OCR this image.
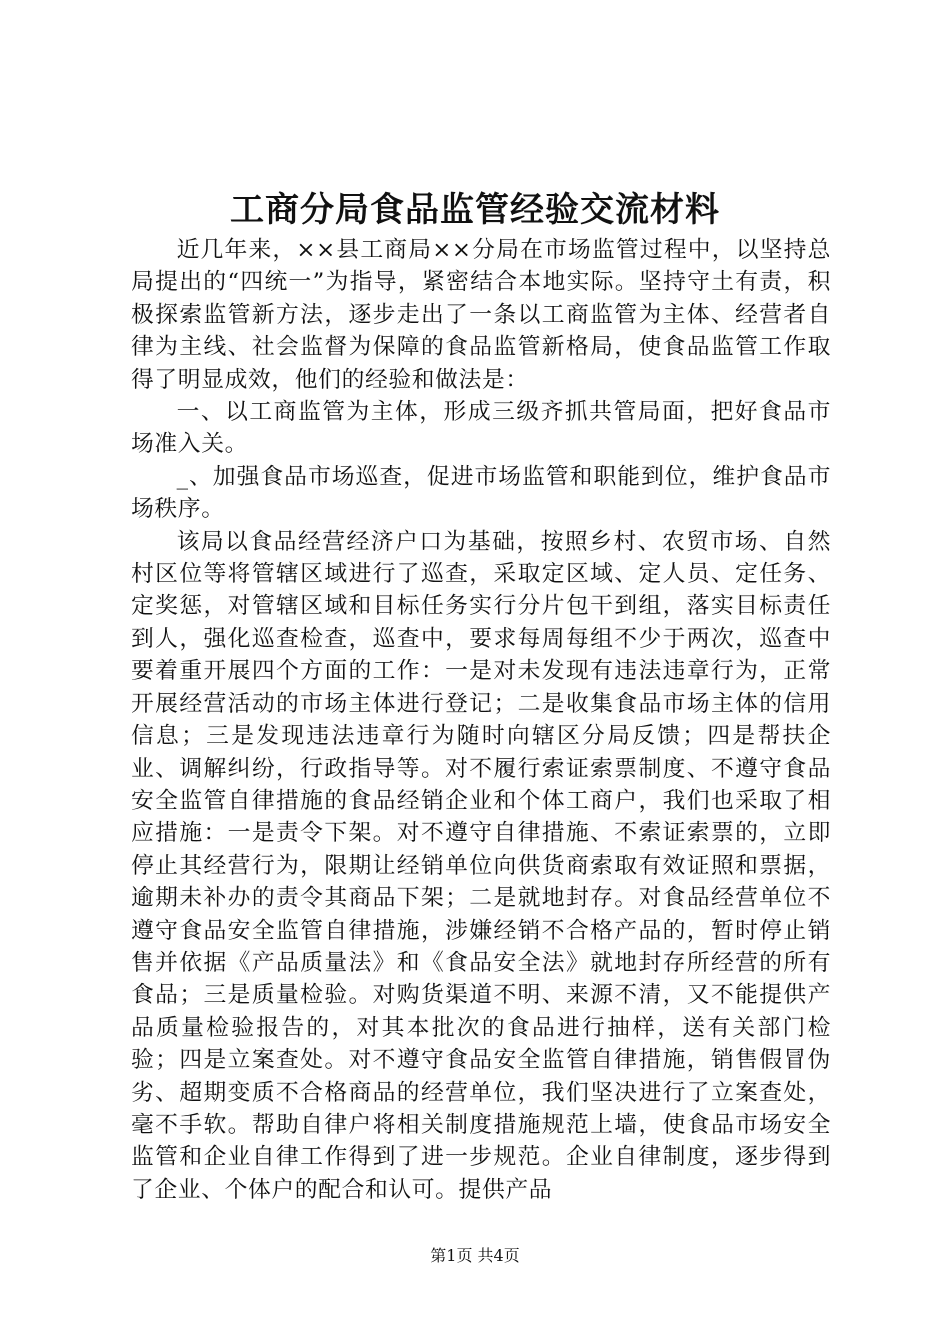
工商分局食品监管经验交流材料

近几年来，××县工商局××分局在市场监管过程中，以坚持总局提出的“四统一”为指导，紧密结合本地实际。坚持守土有责，积极探索监管新方法，逐步走出了一条以工商监管为主体、经营者自律为主线、社会监督为保障的食品监管新格局，使食品监管工作取得了明显成效，他们的经验和做法是：

一、以工商监管为主体，形成三级齐抓共管局面，把好食品市场准入关。

_、加强食品市场巡查，促进市场监管和职能到位，维护食品市场秩序。

该局以食品经营经济户口为基础，按照乡村、农贸市场、自然村区位等将管辖区域进行了巡查，采取定区域、定人员、定任务、定奖惩，对管辖区域和目标任务实行分片包干到组，落实目标责任到人，强化巡查检查，巡查中，要求每周每组不少于两次，巡查中要着重开展四个方面的工作：一是对未发现有违法违章行为，正常开展经营活动的市场主体进行登记；二是收集食品市场主体的信用信息；三是发现违法违章行为随时向辖区分局反馈；四是帮扶企业、调解纠纷，行政指导等。对不履行索证索票制度、不遵守食品安全监管自律措施的食品经销企业和个体工商户，我们也采取了相应措施：一是责令下架。对不遵守自律措施、不索证索票的，立即停止其经营行为，限期让经销单位向供货商索取有效证照和票据，逾期未补办的责令其商品下架；二是就地封存。对食品经营单位不遵守食品安全监管自律措施，涉嫌经销不合格产品的，暂时停止销售并依据《产品质量法》和《食品安全法》就地封存所经营的所有食品；三是质量检验。对购货渠道不明、来源不清，又不能提供产品质量检验报告的，对其本批次的食品进行抽样，送有关部门检验；四是立案查处。对不遵守食品安全监管自律措施，销售假冒伪劣、超期变质不合格商品的经营单位，我们坚决进行了立案查处，毫不手软。帮助自律户将相关制度措施规范上墙，使食品市场安全监管和企业自律工作得到了进一步规范。企业自律制度，逐步得到了企业、个体户的配合和认可。提供产品

第1页 共4页
